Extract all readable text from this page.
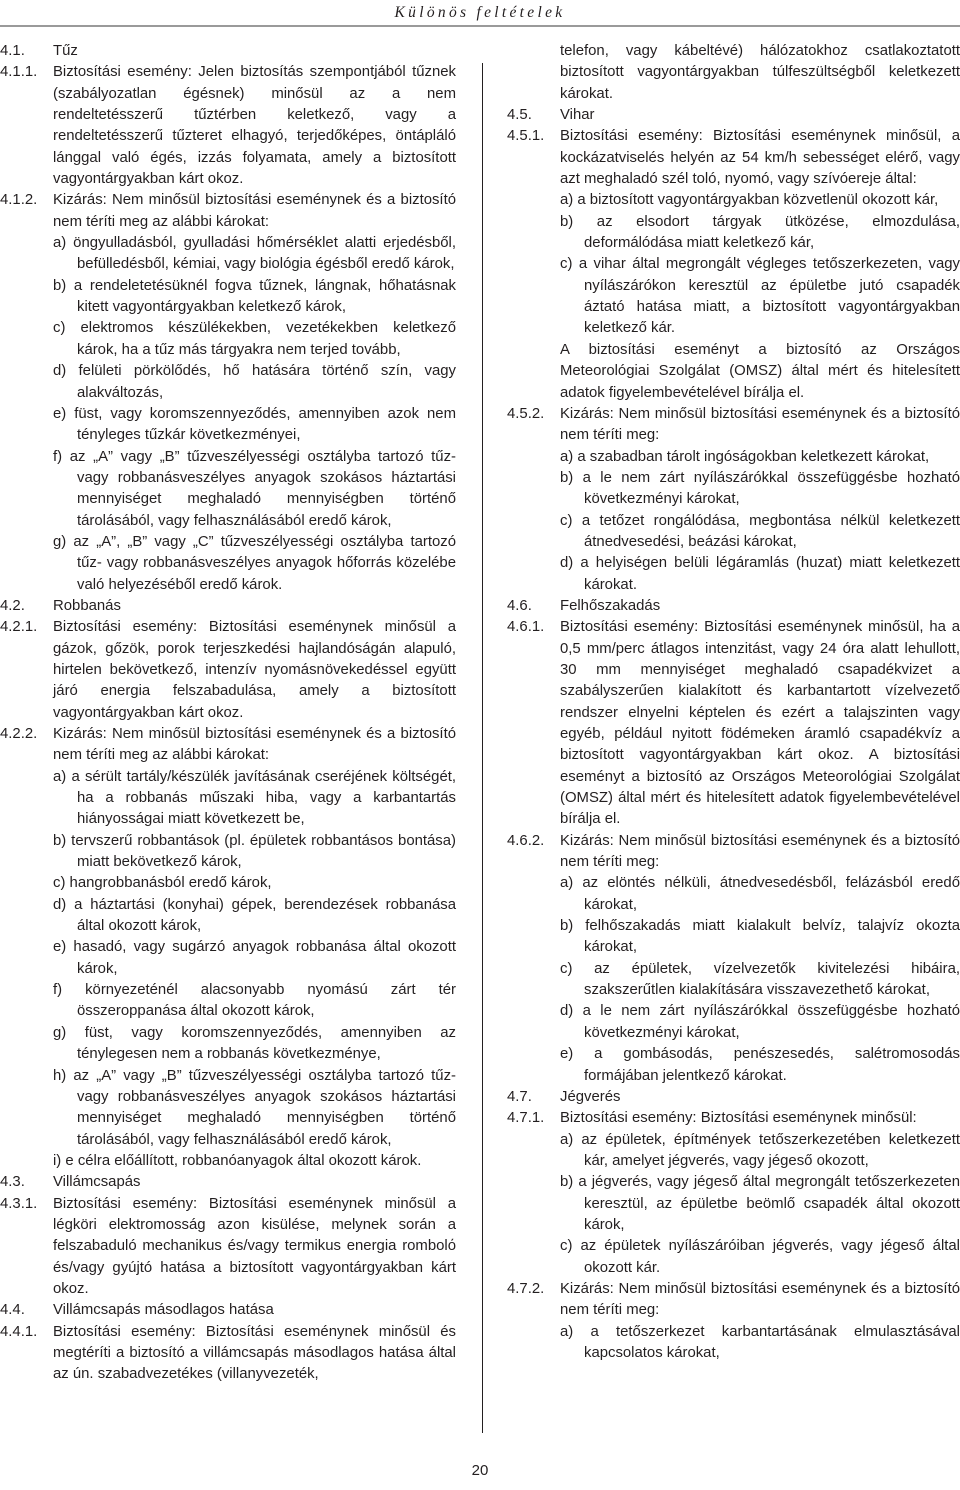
Különös feltételek
4.1. Tűz
4.1.1. Biztosítási esemény: Jelen biztosítás szempontjából tűznek (szabályozatlan égésnek) minősül az a nem rendeltetésszerű tűztérben keletkező, vagy a rendeltetésszerű tűzteret elhagyó, terjedőképes, öntápláló lánggal való égés, izzás folyamata, amely a biztosított vagyontárgyakban kárt okoz.
4.1.2. Kizárás: Nem minősül biztosítási eseménynek és a biztosító nem téríti meg az alábbi károkat:
a) öngyulladásból, gyulladási hőmérséklet alatti erjedésből, befülledésből, kémiai, vagy biológia égésből eredő károk,
b) a rendeletetésüknél fogva tűznek, lángnak, hőhatásnak kitett vagyontárgyakban keletkező károk,
c) elektromos készülékekben, vezetékekben keletkező károk, ha a tűz más tárgyakra nem terjed tovább,
d) felületi pörkölődés, hő hatására történő szín, vagy alakváltozás,
e) füst, vagy koromszennyeződés, amennyiben azok nem tényleges tűzkár következményei,
f) az „A” vagy „B” tűzveszélyességi osztályba tartozó tűz- vagy robbanásveszélyes anyagok szokásos háztartási mennyiséget meghaladó mennyiségben történő tárolásából, vagy felhasználásából eredő károk,
g) az „A”, „B” vagy „C” tűzveszélyességi osztályba tartozó tűz- vagy robbanásveszélyes anyagok hőforrás közelébe való helyezéséből eredő károk.
4.2. Robbanás
4.2.1. Biztosítási esemény: Biztosítási eseménynek minősül a gázok, gőzök, porok terjeszkedési hajlandóságán alapuló, hirtelen bekövetkező, intenzív nyomásnövekedéssel együtt járó energia felszabadulása, amely a biztosított vagyontárgyakban kárt okoz.
4.2.2. Kizárás: Nem minősül biztosítási eseménynek és a biztosító nem téríti meg az alábbi károkat:
a) a sérült tartály/készülék javításának cseréjének költségét, ha a robbanás műszaki hiba, vagy a karbantartás hiányosságai miatt következett be,
b) tervszerű robbantások (pl. épületek robbantásos bontása) miatt bekövetkező károk,
c) hangrobbanásból eredő károk,
d) a háztartási (konyhai) gépek, berendezések robbanása által okozott károk,
e) hasadó, vagy sugárzó anyagok robbanása által okozott károk,
f) környezeténél alacsonyabb nyomású zárt tér összeroppanása által okozott károk,
g) füst, vagy koromszennyeződés, amennyiben az ténylegesen nem a robbanás következménye,
h) az „A” vagy „B” tűzveszélyességi osztályba tartozó tűz- vagy robbanásveszélyes anyagok szokásos háztartási mennyiséget meghaladó mennyiségben történő tárolásából, vagy felhasználásából eredő károk,
i) e célra előállított, robbanóanyagok által okozott károk.
4.3. Villámcsapás
4.3.1. Biztosítási esemény: Biztosítási eseménynek minősül a légköri elektromosság azon kisülése, melynek során a felszabaduló mechanikus és/vagy termikus energia rombolό és/vagy gyújtó hatása a biztosított vagyontárgyakban kárt okoz.
4.4. Villámcsapás másodlagos hatása
4.4.1. Biztosítási esemény: Biztosítási eseménynek minősül és megtéríti a biztosító a villámcsapás másodlagos hatása által az ún. szabadvezetékes (villanyvezeték,
telefon, vagy kábeltévé) hálózatokhoz csatlakoztatott biztosított vagyontárgyakban túlfeszültségből keletkezett károkat.
4.5. Vihar
4.5.1. Biztosítási esemény: Biztosítási eseménynek minősül, a kockázatviselés helyén az 54 km/h sebességet elérő, vagy azt meghaladó szél toló, nyomó, vagy szívóereje által:
a) a biztosított vagyontárgyakban közvetlenül okozott kár,
b) az elsodort tárgyak ütközése, elmozdulása, deformálódása miatt keletkező kár,
c) a vihar által megrongált végleges tetőszerkezeten, vagy nyílászárókon keresztül az épületbe jutó csapadék áztató hatása miatt, a biztosított vagyontárgyakban keletkező kár.
A biztosítási eseményt a biztosító az Országos Meteorológiai Szolgálat (OMSZ) által mért és hitelesített adatok figyelembevételével bírálja el.
4.5.2. Kizárás: Nem minősül biztosítási eseménynek és a biztosító nem téríti meg:
a) a szabadban tárolt ingóságokban keletkezett károkat,
b) a le nem zárt nyílászárókkal összefüggésbe hozható következményi károkat,
c) a tetőzet rongálódása, megbontása nélkül keletkezett átnedvesedési, beázási károkat,
d) a helyiségen belüli légáramlás (huzat) miatt keletkezett károkat.
4.6. Felhőszakadás
4.6.1. Biztosítási esemény: Biztosítási eseménynek minősül, ha a 0,5 mm/perc átlagos intenzitást, vagy 24 óra alatt lehullott, 30 mm mennyiséget meghaladó csapadékvizet a szabályszerűen kialakított és karbantartott vízelvezető rendszer elnyelni képtelen és ezért a talajszinten vagy egyéb, például nyitott födémeken áramló csapadékvíz a biztosított vagyontárgyakban kárt okoz. A biztosítási eseményt a biztosító az Országos Meteorológiai Szolgálat (OMSZ) által mért és hitelesített adatok figyelembevételével bírálja el.
4.6.2. Kizárás: Nem minősül biztosítási eseménynek és a biztosító nem téríti meg:
a) az elöntés nélküli, átnedvesedésből, felázásból eredő károkat,
b) felhőszakadás miatt kialakult belvíz, talajvíz okozta károkat,
c) az épületek, vízelvezetők kivitelezési hibáira, szakszerűtlen kialakítására visszavezethető károkat,
d) a le nem zárt nyílászárókkal összefüggésbe hozható következményi károkat,
e) a gombásodás, penészesedés, salétromosodás formájában jelentkező károkat.
4.7. Jégverés
4.7.1. Biztosítási esemény: Biztosítási eseménynek minősül:
a) az épületek, építmények tetőszerkezetében keletkezett kár, amelyet jégverés, vagy jégeső okozott,
b) a jégverés, vagy jégeső által megrongált tetőszerkezeten keresztül, az épületbe beömlő csapadék által okozott károk,
c) az épületek nyílászáróiban jégverés, vagy jégeső által okozott kár.
4.7.2. Kizárás: Nem minősül biztosítási eseménynek és a biztosító nem téríti meg:
a) a tetőszerkezet karbantartásának elmulasztásával kapcsolatos károkat,
20
